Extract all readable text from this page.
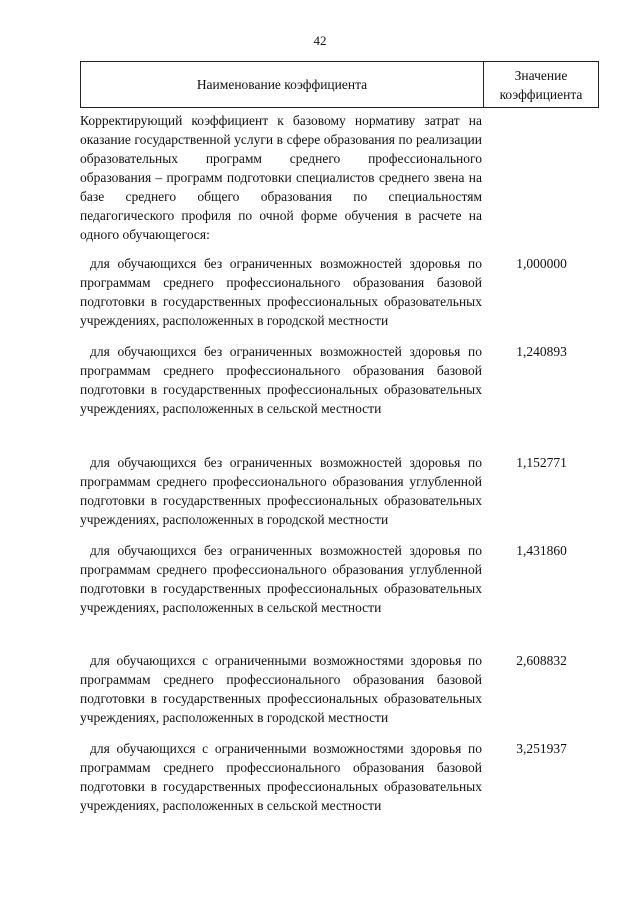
42
Наименование коэффициента
Значение
коэффициента
Корректирующий коэффициент к базовому нормативу затрат на оказание государственной услуги в сфере образования по реализации образовательных программ среднего профессионального образования – программ подготовки специалистов среднего звена на базе среднего общего образования по специальностям педагогического профиля по очной форме обучения в расчете на одного обучающегося:
для обучающихся без ограниченных возможностей здоровья по программам среднего профессионального образования базовой подготовки в государственных профессиональных образовательных учреждениях, расположенных в городской местности
1,000000
для обучающихся без ограниченных возможностей здоровья по программам среднего профессионального образования базовой подготовки в государственных профессиональных образовательных учреждениях, расположенных в сельской местности
1,240893
для обучающихся без ограниченных возможностей здоровья по программам среднего профессионального образования углубленной подготовки в государственных профессиональных образовательных учреждениях, расположенных в городской местности
1,152771
для обучающихся без ограниченных возможностей здоровья по программам среднего профессионального образования углубленной подготовки в государственных профессиональных образовательных учреждениях, расположенных в сельской местности
1,431860
для обучающихся с ограниченными возможностями здоровья по программам среднего профессионального образования базовой подготовки в государственных профессиональных образовательных учреждениях, расположенных в городской местности
2,608832
для обучающихся с ограниченными возможностями здоровья по программам среднего профессионального образования базовой подготовки в государственных профессиональных образовательных учреждениях, расположенных в сельской местности
3,251937
